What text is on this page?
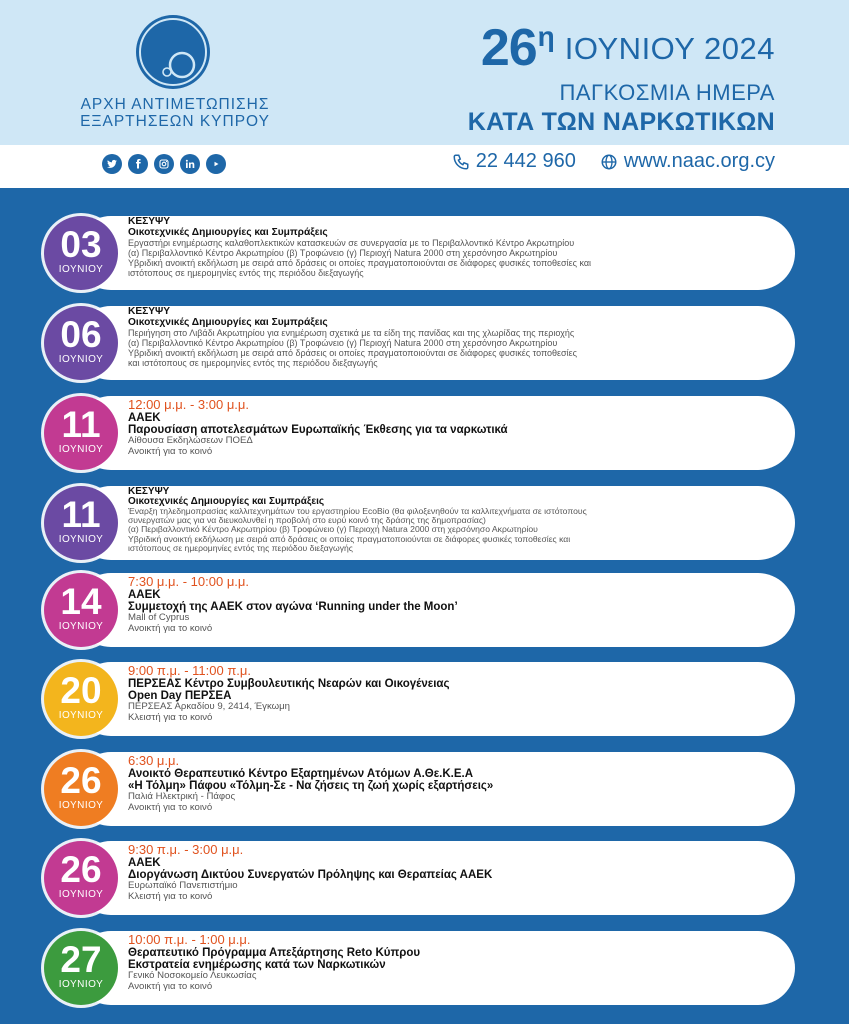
ΑΡΧΗ ΑΝΤΙΜΕΤΩΠΙΣΗΣ
ΕΞΑΡΤΗΣΕΩΝ ΚΥΠΡΟΥ
26 η ΙΟΥΝΙΟΥ 2024
ΠΑΓΚΟΣΜΙΑ ΗΜΕΡΑ
ΚΑΤΑ ΤΩΝ ΝΑΡΚΩΤΙΚΩΝ
22 442 960 www.naac.org.cy
03
ΙΟΥΝΙΟΥ
ΚΕΣΥΨΥ
Οικοτεχνικές Δημιουργίες και Συμπράξεις
Εργαστήρι ενημέρωσης καλαθοπλεκτικών κατασκευών σε συνεργασία με το Περιβαλλοντικό Κέντρο Ακρωτηρίου
(α) Περιβαλλοντικό Κέντρο Ακρωτηρίου (β) Τροφώνειο (γ) Περιοχή Natura 2000 στη χερσόνησο Ακρωτηρίου
Υβριδική ανοικτή εκδήλωση με σειρά από δράσεις οι οποίες πραγματοποιούνται σε διάφορες φυσικές τοποθεσίες και
ιστότοπους σε ημερομηνίες εντός της περιόδου διεξαγωγής
06
ΙΟΥΝΙΟΥ
ΚΕΣΥΨΥ
Οικοτεχνικές Δημιουργίες και Συμπράξεις
Περιήγηση στο Λιβάδι Ακρωτηρίου για ενημέρωση σχετικά με τα είδη της πανίδας και της χλωρίδας της περιοχής
(α) Περιβαλλοντικό Κέντρο Ακρωτηρίου (β) Τροφώνειο (γ) Περιοχή Natura 2000 στη χερσόνησο Ακρωτηρίου
Υβριδική ανοικτή εκδήλωση με σειρά από δράσεις οι οποίες πραγματοποιούνται σε διάφορες φυσικές τοποθεσίες
και ιστότοπους σε ημερομηνίες εντός της περιόδου διεξαγωγής
11
ΙΟΥΝΙΟΥ
12:00 μ.μ. - 3:00 μ.μ.
ΑΑΕΚ
Παρουσίαση αποτελεσμάτων Ευρωπαϊκής Έκθεσης για τα ναρκωτικά
Αίθουσα Εκδηλώσεων ΠΟΕΔ
Ανοικτή για το κοινό
11
ΙΟΥΝΙΟΥ
ΚΕΣΥΨΥ
Οικοτεχνικές Δημιουργίες και Συμπράξεις
Έναρξη τηλεδημοπρασίας καλλιτεχνημάτων του εργαστηρίου EcoBio (θα φιλοξενηθούν τα καλλιτεχνήματα σε ιστότοπους
συνεργατών μας για να διευκολυνθεί η προβολή στο ευρύ κοινό της δράσης της δημοπρασίας)
(α) Περιβαλλοντικό Κέντρο Ακρωτηρίου (β) Τροφώνειο (γ) Περιοχή Natura 2000 στη χερσόνησο Ακρωτηρίου
Υβριδική ανοικτή εκδήλωση με σειρά από δράσεις οι οποίες πραγματοποιούνται σε διάφορες φυσικές τοποθεσίες και
ιστότοπους σε ημερομηνίες εντός της περιόδου διεξαγωγής
14
ΙΟΥΝΙΟΥ
7:30 μ.μ. - 10:00 μ.μ.
ΑΑΕΚ
Συμμετοχή της ΑΑΕΚ στον αγώνα ‘Running under the Moon’
Mall of Cyprus
Ανοικτή για το κοινό
20
ΙΟΥΝΙΟΥ
9:00 π.μ. - 11:00 π.μ.
ΠΕΡΣΕΑΣ Κέντρο Συμβουλευτικής Νεαρών και Οικογένειας
Open Day ΠΕΡΣΕΑ
ΠΕΡΣΕΑΣ Αρκαδίου 9, 2414, Έγκωμη
Κλειστή για το κοινό
26
ΙΟΥΝΙΟΥ
6:30 μ.μ.
Ανοικτό Θεραπευτικό Κέντρο Εξαρτημένων Ατόμων Α.Θε.Κ.Ε.Α
«Η Τόλμη» Πάφου «Τόλμη-Σε - Να ζήσεις τη ζωή χωρίς εξαρτήσεις»
Παλιά Ηλεκτρική - Πάφος
Ανοικτή για το κοινό
26
ΙΟΥΝΙΟΥ
9:30 π.μ. - 3:00 μ.μ.
ΑΑΕΚ
Διοργάνωση Δικτύου Συνεργατών Πρόληψης και Θεραπείας ΑΑΕΚ
Ευρωπαϊκό Πανεπιστήμιο
Κλειστή για το κοινό
27
ΙΟΥΝΙΟΥ
10:00 π.μ. - 1:00 μ.μ.
Θεραπευτικό Πρόγραμμα Απεξάρτησης Reto Κύπρου
Εκστρατεία ενημέρωσης κατά των Ναρκωτικών
Γενικό Νοσοκομείο Λευκωσίας
Ανοικτή για το κοινό
